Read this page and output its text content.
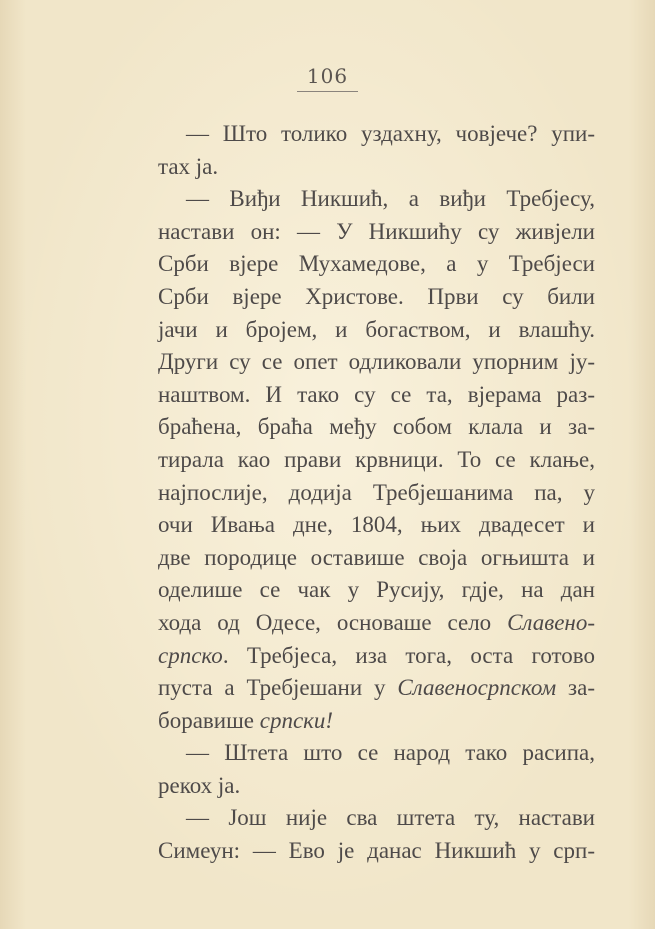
106
— Што толико уздахну, човјече? упи-
тах ја.
— Виђи Никшић, а виђи Требјесу,
настави он: — У Никшићу су живјели
Срби вјере Мухамедове, а у Требјеси
Срби вјере Христове. Први су били
јачи и бројем, и богаством, и влашћу.
Други су се опет одликовали упорним ју-
наштвом. И тако су се та, вјерама раз-
браћена, браћа међу собом клала и за-
тирала као прави крвници. То се клање,
најпослије, додија Требјешанима па, у
очи Ивања дне, 1804, њих двадесет и
две породице оставише своја огњишта и
оделише се чак у Русију, гдје, на дан
хода од Одесе, основаше село Славено-
српско. Требјеса, иза тога, оста готово
пуста а Требјешани у Славеносрпском за-
боравише српски!
— Штета што се народ тако расипа,
рекох ја.
— Још није сва штета ту, настави
Симеун: — Ево је данас Никшић у срп-
